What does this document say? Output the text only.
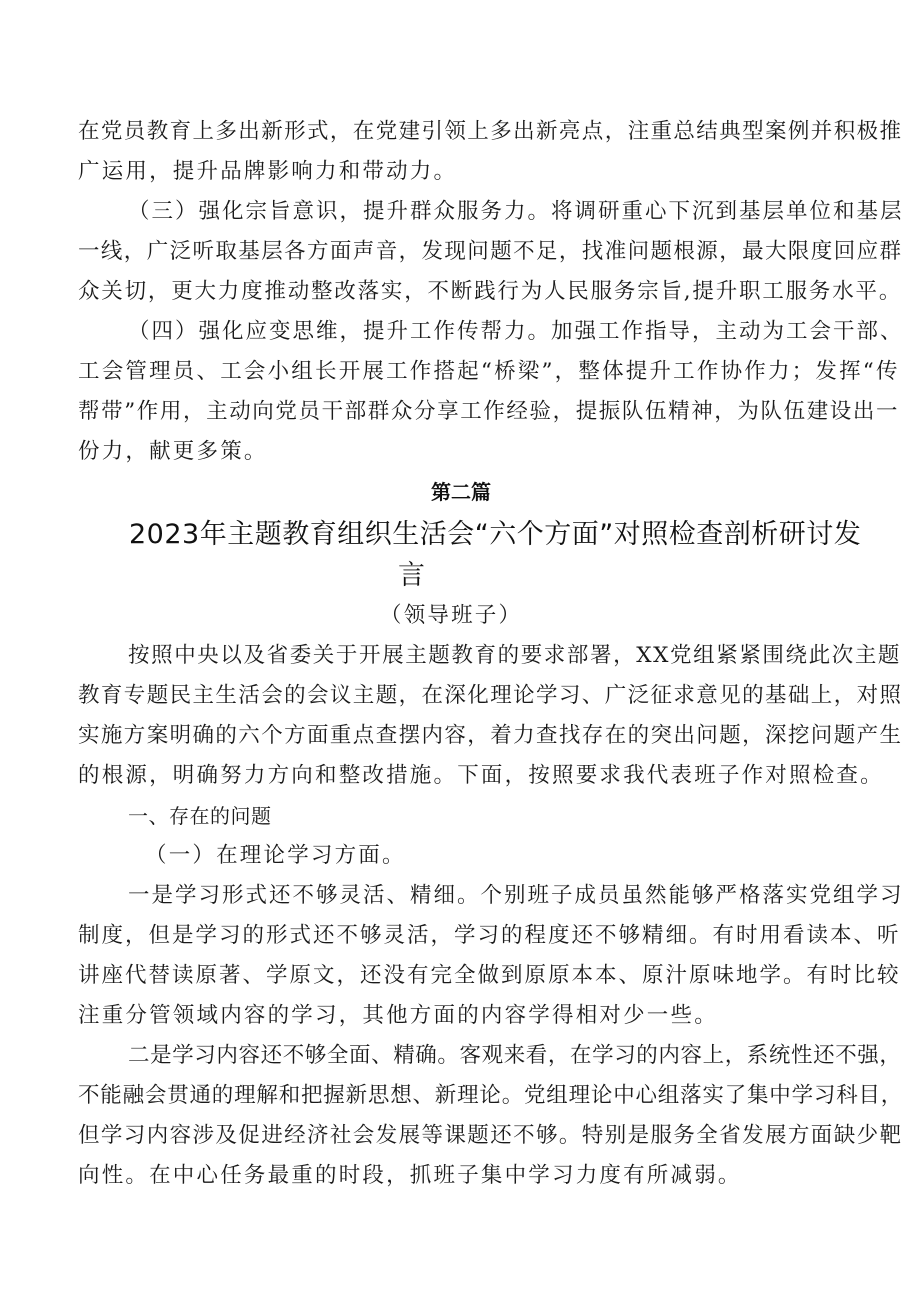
在党员教育上多出新形式，在党建引领上多出新亮点，注重总结典型案例并积极推
广运用，提升品牌影响力和带动力。
（三）强化宗旨意识，提升群众服务力。将调研重心下沉到基层单位和基层
一线，广泛听取基层各方面声音，发现问题不足，找准问题根源，最大限度回应群
众关切，更大力度推动整改落实，不断践行为人民服务宗旨,提升职工服务水平。
（四）强化应变思维，提升工作传帮力。加强工作指导，主动为工会干部、
工会管理员、工会小组长开展工作搭起“桥梁”，整体提升工作协作力；发挥“传
帮带”作用，主动向党员干部群众分享工作经验，提振队伍精神，为队伍建设出一
份力，献更多策。
第二篇
2023年主题教育组织生活会“六个方面”对照检查剖析研讨发
言
（领导班子）
按照中央以及省委关于开展主题教育的要求部署，XX党组紧紧围绕此次主题
教育专题民主生活会的会议主题，在深化理论学习、广泛征求意见的基础上，对照
实施方案明确的六个方面重点查摆内容，着力查找存在的突出问题，深挖问题产生
的根源，明确努力方向和整改措施。下面，按照要求我代表班子作对照检查。
一、存在的问题
（一）在理论学习方面。
一是学习形式还不够灵活、精细。个别班子成员虽然能够严格落实党组学习
制度，但是学习的形式还不够灵活，学习的程度还不够精细。有时用看读本、听
讲座代替读原著、学原文，还没有完全做到原原本本、原汁原味地学。有时比较
注重分管领域内容的学习，其他方面的内容学得相对少一些。
二是学习内容还不够全面、精确。客观来看，在学习的内容上，系统性还不强，
不能融会贯通的理解和把握新思想、新理论。党组理论中心组落实了集中学习科目，
但学习内容涉及促进经济社会发展等课题还不够。特别是服务全省发展方面缺少靶
向性。在中心任务最重的时段，抓班子集中学习力度有所减弱。
